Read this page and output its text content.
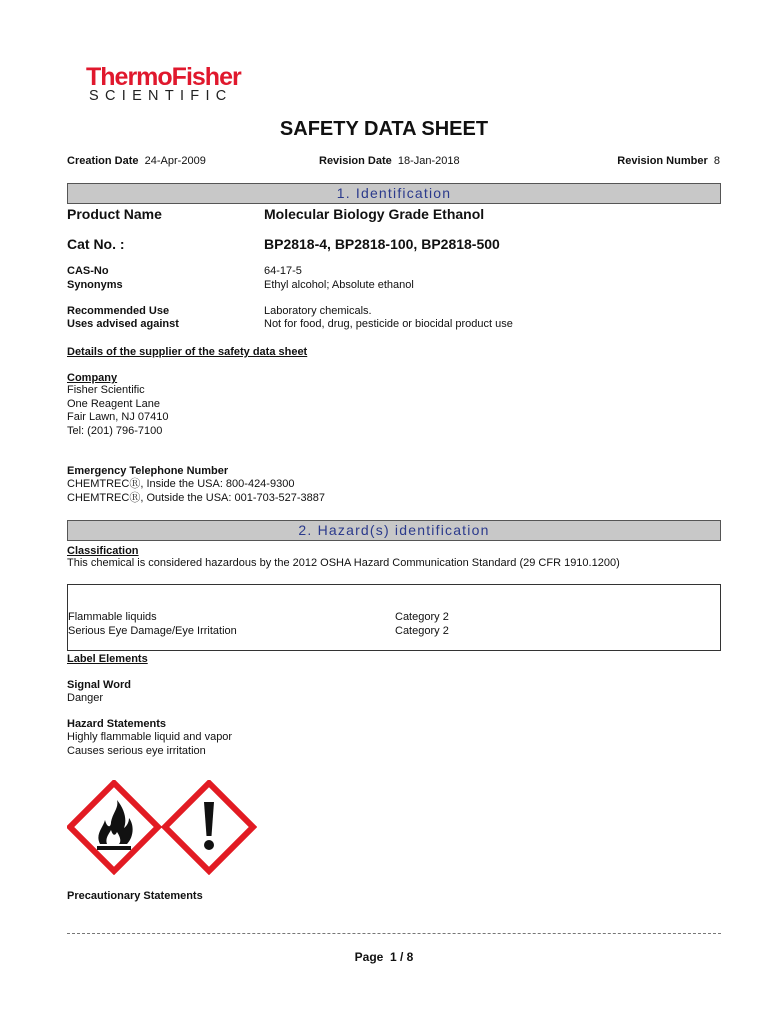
ThermoFisher
SCIENTIFIC
SAFETY DATA SHEET
Creation Date 24-Apr-2009	Revision Date 18-Jan-2018	Revision Number 8
1. Identification
Product Name	Molecular Biology Grade Ethanol
Cat No. :	BP2818-4, BP2818-100, BP2818-500
CAS-No	64-17-5
Synonyms	Ethyl alcohol; Absolute ethanol
Recommended Use	Laboratory chemicals.
Uses advised against	Not for food, drug, pesticide or biocidal product use
Details of the supplier of the safety data sheet
Company
Fisher Scientific
One Reagent Lane
Fair Lawn, NJ 07410
Tel: (201) 796-7100
Emergency Telephone Number
CHEMTRECⓇ, Inside the USA: 800-424-9300
CHEMTRECⓇ, Outside the USA: 001-703-527-3887
2. Hazard(s) identification
Classification
This chemical is considered hazardous by the 2012 OSHA Hazard Communication Standard (29 CFR 1910.1200)
Flammable liquids	Category 2
Serious Eye Damage/Eye Irritation	Category 2
Label Elements
Signal Word
Danger
Hazard Statements
Highly flammable liquid and vapor
Causes serious eye irritation
Precautionary Statements
Page 1 / 8
